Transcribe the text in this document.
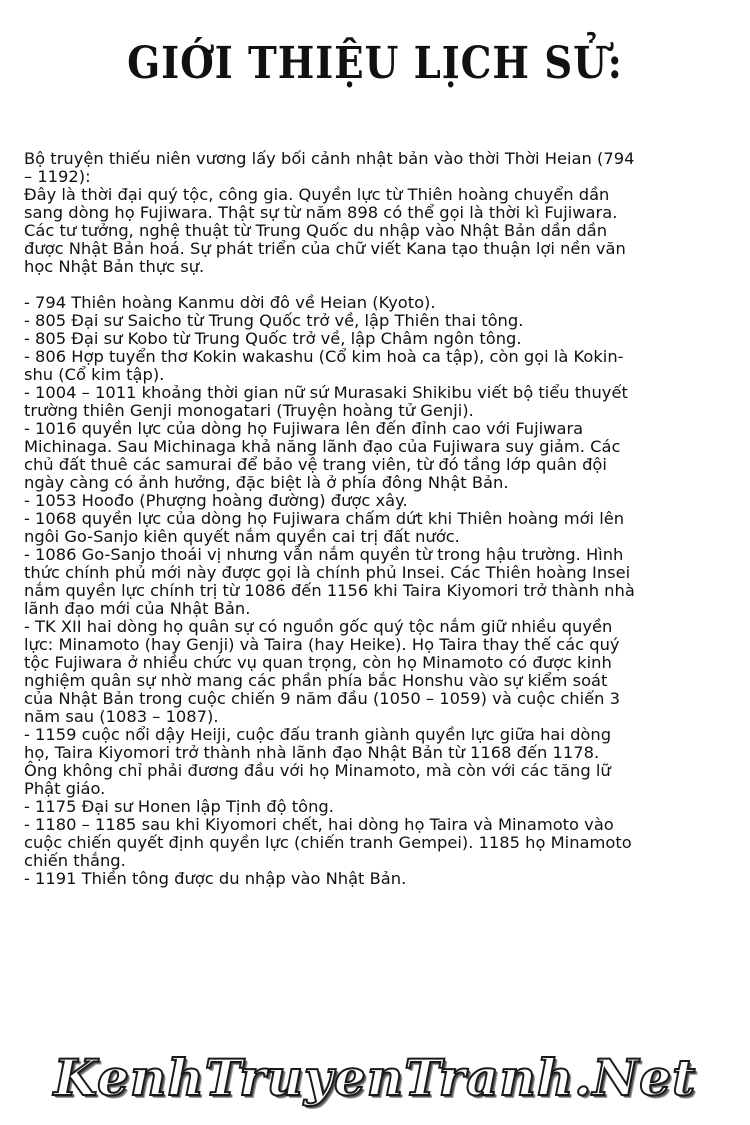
GIỚI THIỆU LỊCH SỬ:

Bộ truyện thiếu niên vương lấy bối cảnh nhật bản vào thời Thời Heian (794
– 1192):
Đây là thời đại quý tộc, công gia. Quyền lực từ Thiên hoàng chuyển dần
sang dòng họ Fujiwara. Thật sự từ năm 898 có thể gọi là thời kì Fujiwara.
Các tư tưởng, nghệ thuật từ Trung Quốc du nhập vào Nhật Bản dần dần
được Nhật Bản hoá. Sự phát triển của chữ viết Kana tạo thuận lợi nền văn
học Nhật Bản thực sự.

- 794 Thiên hoàng Kanmu dời đô về Heian (Kyoto).
- 805 Đại sư Saicho từ Trung Quốc trở về, lập Thiên thai tông.
- 805 Đại sư Kobo từ Trung Quốc trở về, lập Châm ngôn tông.
- 806 Hợp tuyển thơ Kokin wakashu (Cổ kim hoà ca tập), còn gọi là Kokin-
shu (Cổ kim tập).
- 1004 – 1011 khoảng thời gian nữ sứ Murasaki Shikibu viết bộ tiểu thuyết
trường thiên Genji monogatari (Truyện hoàng tử Genji).
- 1016 quyền lực của dòng họ Fujiwara lên đến đỉnh cao với Fujiwara
Michinaga. Sau Michinaga khả năng lãnh đạo của Fujiwara suy giảm. Các
chủ đất thuê các samurai để bảo vệ trang viên, từ đó tầng lớp quân đội
ngày càng có ảnh hưởng, đặc biệt là ở phía đông Nhật Bản.
- 1053 Hoođo (Phượng hoàng đường) được xây.
- 1068 quyền lực của dòng họ Fujiwara chấm dứt khi Thiên hoàng mới lên
ngôi Go-Sanjo kiên quyết nắm quyền cai trị đất nước.
- 1086 Go-Sanjo thoái vị nhưng vẫn nắm quyền từ trong hậu trường. Hình
thức chính phủ mới này được gọi là chính phủ Insei. Các Thiên hoàng Insei
nắm quyền lực chính trị từ 1086 đến 1156 khi Taira Kiyomori trở thành nhà
lãnh đạo mới của Nhật Bản.
- TK XII hai dòng họ quân sự có nguồn gốc quý tộc nắm giữ nhiều quyền
lực: Minamoto (hay Genji) và Taira (hay Heike). Họ Taira thay thế các quý
tộc Fujiwara ở nhiều chức vụ quan trọng, còn họ Minamoto có được kinh
nghiệm quân sự nhờ mang các phần phía bắc Honshu vào sự kiểm soát
của Nhật Bản trong cuộc chiến 9 năm đầu (1050 – 1059) và cuộc chiến 3
năm sau (1083 – 1087).
- 1159 cuộc nổi dậy Heiji, cuộc đấu tranh giành quyền lực giữa hai dòng
họ, Taira Kiyomori trở thành nhà lãnh đạo Nhật Bản từ 1168 đến 1178.
Ông không chỉ phải đương đầu với họ Minamoto, mà còn với các tăng lữ
Phật giáo.
- 1175 Đại sư Honen lập Tịnh độ tông.
- 1180 – 1185 sau khi Kiyomori chết, hai dòng họ Taira và Minamoto vào
cuộc chiến quyết định quyền lực (chiến tranh Gempei). 1185 họ Minamoto
chiến thắng.
- 1191 Thiền tông được du nhập vào Nhật Bản.
KenhTruyenTranh.Net
